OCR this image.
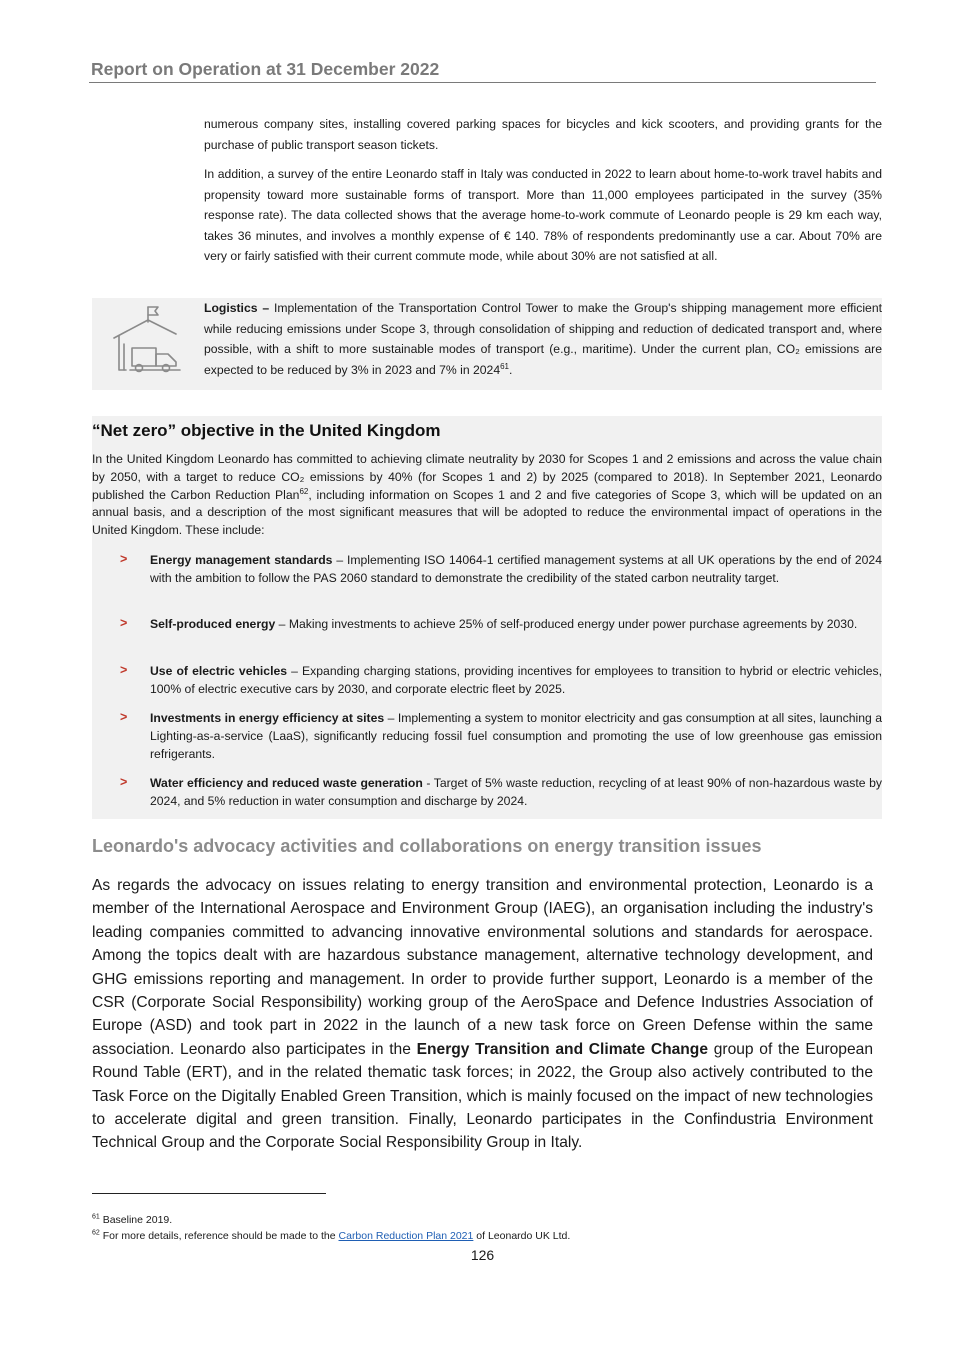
Report on Operation at 31 December 2022

numerous company sites, installing covered parking spaces for bicycles and kick scooters, and providing grants for the purchase of public transport season tickets.

In addition, a survey of the entire Leonardo staff in Italy was conducted in 2022 to learn about home-to-work travel habits and propensity toward more sustainable forms of transport. More than 11,000 employees participated in the survey (35% response rate). The data collected shows that the average home-to-work commute of Leonardo people is 29 km each way, takes 36 minutes, and involves a monthly expense of € 140. 78% of respondents predominantly use a car. About 70% are very or fairly satisfied with their current commute mode, while about 30% are not satisfied at all.

Logistics – Implementation of the Transportation Control Tower to make the Group's shipping management more efficient while reducing emissions under Scope 3, through consolidation of shipping and reduction of dedicated transport and, where possible, with a shift to more sustainable modes of transport (e.g., maritime). Under the current plan, CO₂ emissions are expected to be reduced by 3% in 2023 and 7% in 2024$^{61}$.

“Net zero” objective in the United Kingdom

In the United Kingdom Leonardo has committed to achieving climate neutrality by 2030 for Scopes 1 and 2 emissions and across the value chain by 2050, with a target to reduce CO₂ emissions by 40% (for Scopes 1 and 2) by 2025 (compared to 2018). In September 2021, Leonardo published the Carbon Reduction Plan$^{62}$, including information on Scopes 1 and 2 and five categories of Scope 3, which will be updated on an annual basis, and a description of the most significant measures that will be adopted to reduce the environmental impact of operations in the United Kingdom. These include:

> Energy management standards – Implementing ISO 14064-1 certified management systems at all UK operations by the end of 2024 with the ambition to follow the PAS 2060 standard to demonstrate the credibility of the stated carbon neutrality target.

> Self-produced energy – Making investments to achieve 25% of self-produced energy under power purchase agreements by 2030.

> Use of electric vehicles – Expanding charging stations, providing incentives for employees to transition to hybrid or electric vehicles, 100% of electric executive cars by 2030, and corporate electric fleet by 2025.

> Investments in energy efficiency at sites – Implementing a system to monitor electricity and gas consumption at all sites, launching a Lighting-as-a-service (LaaS), significantly reducing fossil fuel consumption and promoting the use of low greenhouse gas emission refrigerants.

> Water efficiency and reduced waste generation - Target of 5% waste reduction, recycling of at least 90% of non-hazardous waste by 2024, and 5% reduction in water consumption and discharge by 2024.

Leonardo's advocacy activities and collaborations on energy transition issues

As regards the advocacy on issues relating to energy transition and environmental protection, Leonardo is a member of the International Aerospace and Environment Group (IAEG), an organisation including the industry's leading companies committed to advancing innovative environmental solutions and standards for aerospace. Among the topics dealt with are hazardous substance management, alternative technology development, and GHG emissions reporting and management. In order to provide further support, Leonardo is a member of the CSR (Corporate Social Responsibility) working group of the AeroSpace and Defence Industries Association of Europe (ASD) and took part in 2022 in the launch of a new task force on Green Defense within the same association. Leonardo also participates in the Energy Transition and Climate Change group of the European Round Table (ERT), and in the related thematic task forces; in 2022, the Group also actively contributed to the Task Force on the Digitally Enabled Green Transition, which is mainly focused on the impact of new technologies to accelerate digital and green transition. Finally, Leonardo participates in the Confindustria Environment Technical Group and the Corporate Social Responsibility Group in Italy.

$^{61}$ Baseline 2019.

$^{62}$ For more details, reference should be made to the Carbon Reduction Plan 2021 of Leonardo UK Ltd.

126
